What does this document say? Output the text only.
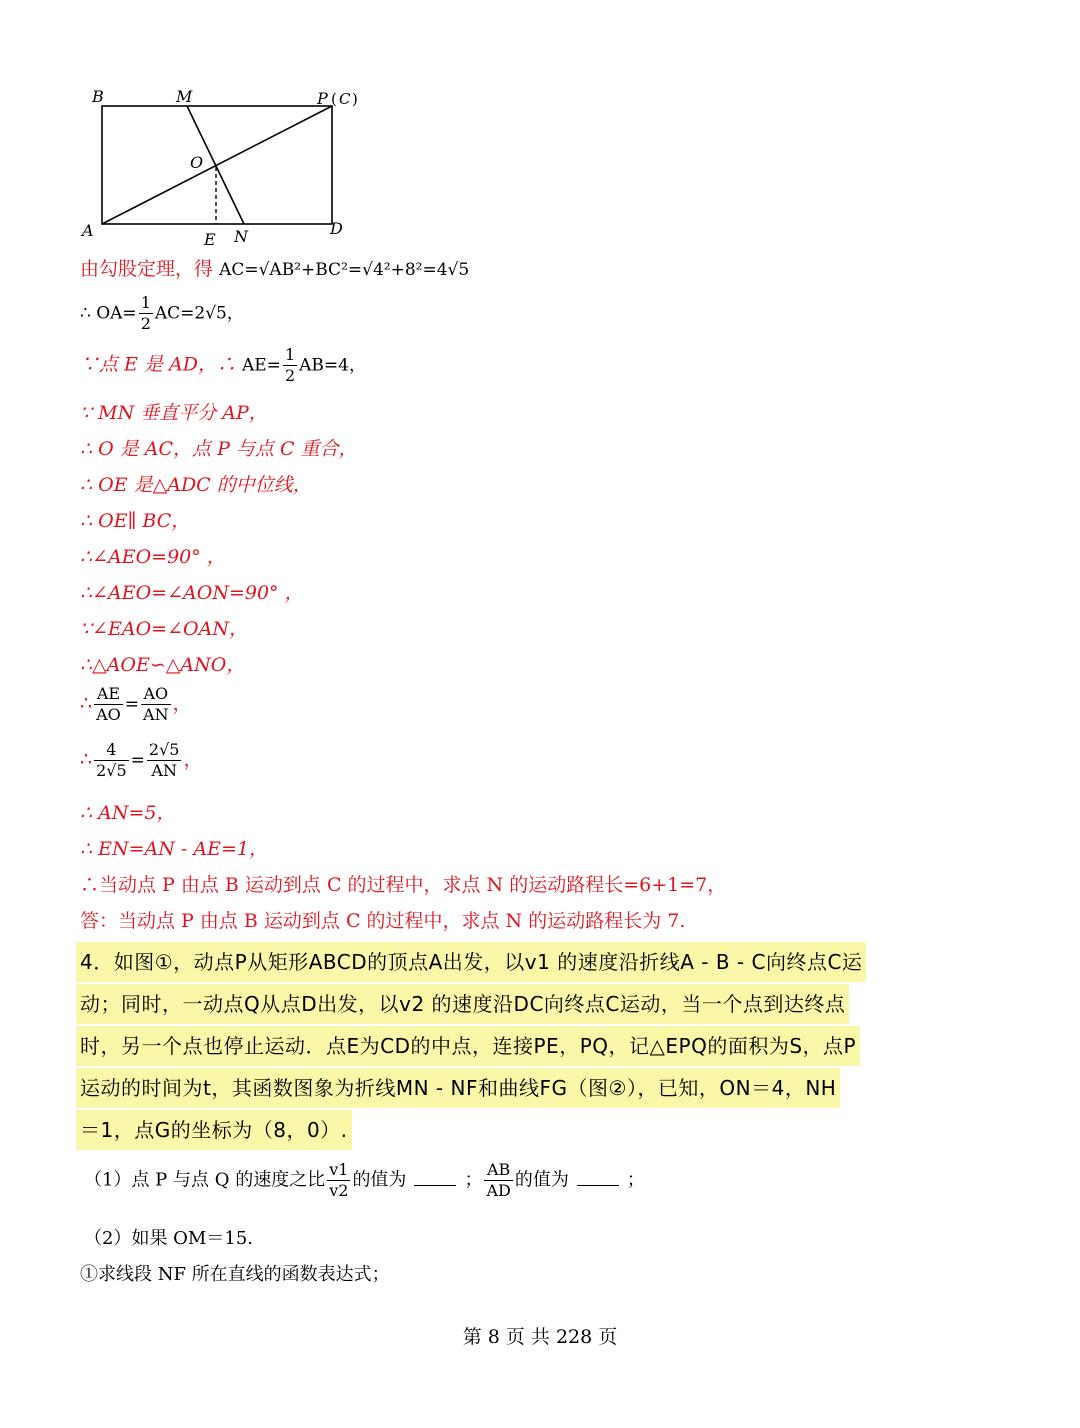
B	M	P ( C )
O
A	E N	D
由勾股定理，得 AC=√AB²+BC²=√4²+8²=4√5
∴ $OA= \frac{1}{2} AC=2√5$，
∵点 E 是 AD，∴ $AE= \frac{1}{2} AB=4$，
∵ MN 垂直平分 AP，
∴ O 是 AC，点 P 与点 C 重合，
∴ OE 是△ADC 的中位线，
∴ OE∥ BC，
∴∠AEO=90° ，
∴∠AEO=∠AON=90° ，
∵∠EAO=∠OAN，
∴△AOE∽△ANO，
∴ $\frac{AE}{AO} = \frac{AO}{AN}$ ，
∴ $\frac{4}{2√5} = \frac{2√5}{AN}$ ，
∴ AN=5，
∴ EN=AN - AE=1，
∴当动点 P 由点 B 运动到点 C 的过程中，求点 N 的运动路程长=6+1=7，
答：当动点 P 由点 B 运动到点 C 的过程中，求点 N 的运动路程长为 7.
4．如图①，动点P从矩形ABCD的顶点A出发，以v1 的速度沿折线A - B - C向终点C运
动；同时，一动点Q从点D出发，以v2 的速度沿DC向终点C运动，当一个点到达终点
时，另一个点也停止运动．点E为CD的中点，连接PE，PQ，记△EPQ的面积为S，点P
运动的时间为t，其函数图象为折线MN - NF和曲线FG（图②），已知，ON＝4，NH
＝1，点G的坐标为（8，0）.
（1）点 P 与点 Q 的速度之比 $\frac{v1}{v2}$ 的值为	； $\frac{AB}{AD}$ 的值为	；
（2）如果 OM＝15.
①求线段 NF 所在直线的函数表达式；
第 8 页 共 228 页
